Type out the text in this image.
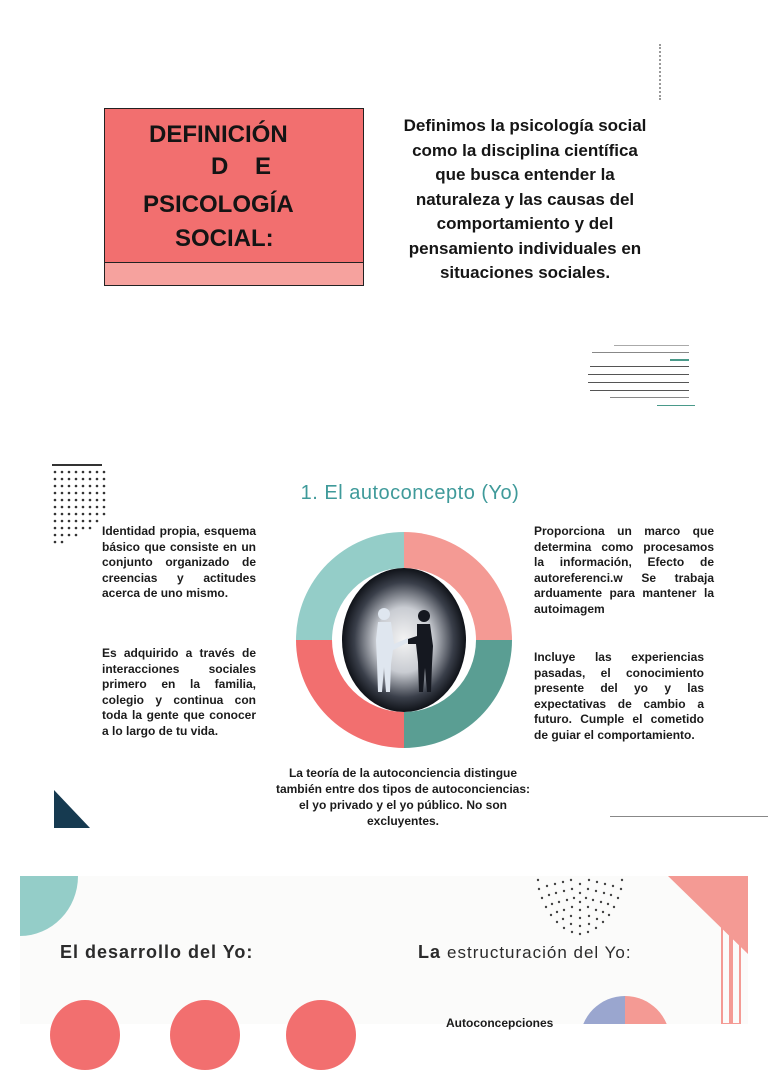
DEFINICIÓN
D    E
PSICOLOGÍA
SOCIAL:
Definimos la psicología social como la disciplina científica que busca entender la naturaleza y las causas del comportamiento y del pensamiento individuales en situaciones sociales.
1. El autoconcepto (Yo)
Identidad propia, esquema básico que consiste en un conjunto organizado de creencias y actitudes acerca de uno mismo.
Es adquirido a través de interacciones sociales primero en la familia, colegio y continua con toda la gente que conocer a lo largo de tu vida.
Proporciona un marco que determina como procesamos la información, Efecto de autoreferenci.w Se trabaja arduamente para mantener la autoimagem
Incluye las experiencias pasadas, el conocimiento presente del yo y las expectativas de cambio a futuro. Cumple el cometido de guiar el comportamiento.
La teoría de la autoconciencia distingue también entre dos tipos de autoconciencias: el yo privado y el yo público. No son excluyentes.
El desarrollo del Yo:	La estructuración del Yo:
Autoconcepciones
